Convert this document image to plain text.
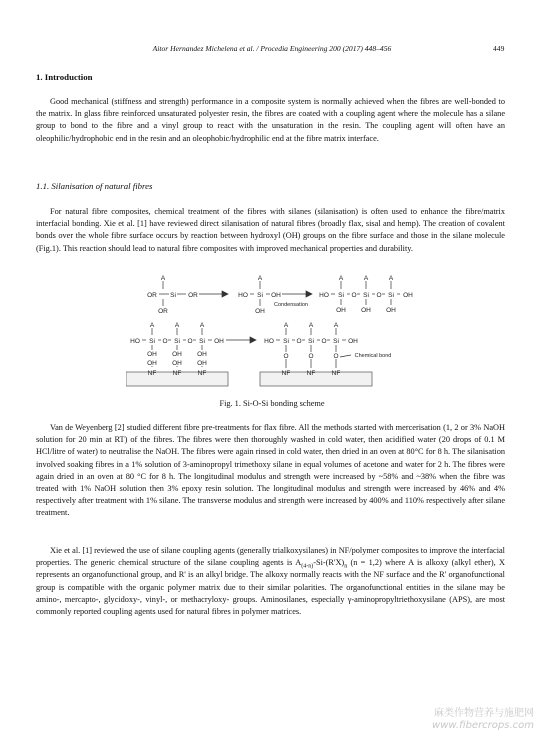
Aitor Hernandez Michelena et al. / Procedia Engineering 200 (2017) 448–456	449
1. Introduction

Good mechanical (stiffness and strength) performance in a composite system is normally achieved when the fibres are well-bonded to the matrix. In glass fibre reinforced unsaturated polyester resin, the fibres are coated with a coupling agent where the molecule has a silane group to bond to the fibre and a vinyl group to react with the unsaturation in the resin. The coupling agent will often have an oleophilic/hydrophobic end in the resin and an oleophobic/hydrophilic end at the fibre matrix interface.

1.1. Silanisation of natural fibres

For natural fibre composites, chemical treatment of the fibres with silanes (silanisation) is often used to enhance the fibre/matrix interfacial bonding. Xie et al. [1] have reviewed direct silanisation of natural fibres (broadly flax, sisal and hemp). The creation of covalent bonds over the whole fibre surface occurs by reaction between hydroxyl (OH) groups on the fibre surface and those in the silane molecule (Fig.1). This reaction should lead to natural fibre composites with improved mechanical properties and durability.

A
OR Si OR
OR
A
HO Si OH
OH
Condensation
A	A	A
HO Si O Si O Si OH
OH OH OH
A	A	A
HO Si O Si O Si OH
OH OH OH
OH OH OH
NF	NF	NF
A	A	A
HO Si O Si O Si OH
O	O	O	Chemical bond
NF	NF	NF
Fig. 1. Si-O-Si bonding scheme

Van de Weyenberg [2] studied different fibre pre-treatments for flax fibre. All the methods started with mercerisation (1, 2 or 3% NaOH solution for 20 min at RT) of the fibres. The fibres were then thoroughly washed in cold water, then acidified water (20 drops of 0.1 M HCl/litre of water) to neutralise the NaOH. The fibres were again rinsed in cold water, then dried in an oven at 80°C for 8 h. The silanisation involved soaking fibres in a 1% solution of 3-aminopropyl trimethoxy silane in equal volumes of acetone and water for 2 h. The fibres were again dried in an oven at 80 °C for 8 h. The longitudinal modulus and strength were increased by ~58% and ~38% when the fibre was treated with 1% NaOH solution then 3% epoxy resin solution. The longitudinal modulus and strength were increased by 46% and 4% respectively after treatment with 1% silane. The transverse modulus and strength were increased by 400% and 110% respectively after silane treatment.

Xie et al. [1] reviewed the use of silane coupling agents (generally trialkoxysilanes) in NF/polymer composites to improve the interfacial properties. The generic chemical structure of the silane coupling agents is $A_{(4-n)}-Si-(R'X)_n$ (n = 1,2) where A is alkoxy (alkyl ether), X represents an organofunctional group, and R' is an alkyl bridge. The alkoxy normally reacts with the NF surface and the R' organofunctional group is compatible with the organic polymer matrix due to their similar polarities. The organofunctional entities in the silane may be amino-, mercapto-, glycidoxy-, vinyl-, or methacryloxy- groups. Aminosilanes, especially γ-aminopropyltriethoxysilane (APS), are most commonly reported coupling agents used for natural fibres in polymer matrices.

麻类作物营养与施肥网
www.fibercrops.com
